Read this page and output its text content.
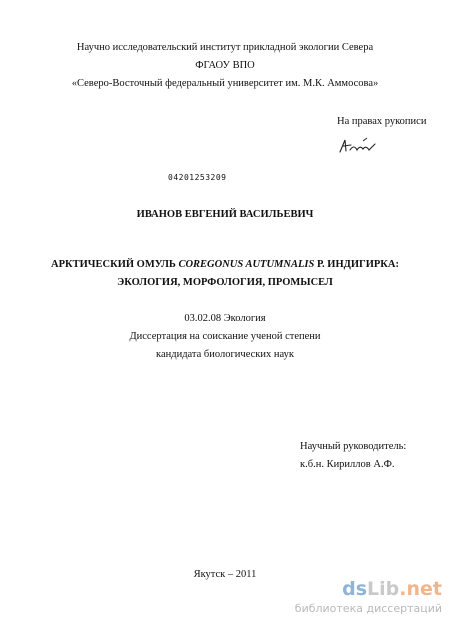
Научно исследовательский институт прикладной экологии Севера
ФГАОУ ВПО
«Северо-Восточный федеральный университет им. М.К. Аммосова»
На правах рукописи
04201253209
ИВАНОВ ЕВГЕНИЙ ВАСИЛЬЕВИЧ
АРКТИЧЕСКИЙ ОМУЛЬ COREGONUS AUTUMNALIS Р. ИНДИГИРКА:
ЭКОЛОГИЯ, МОРФОЛОГИЯ, ПРОМЫСЕЛ
03.02.08 Экология
Диссертация на соискание ученой степени
кандидата биологических наук
Научный руководитель:
к.б.н. Кириллов А.Ф.
Якутск – 2011
dsLib.net
библиотека диссертаций
